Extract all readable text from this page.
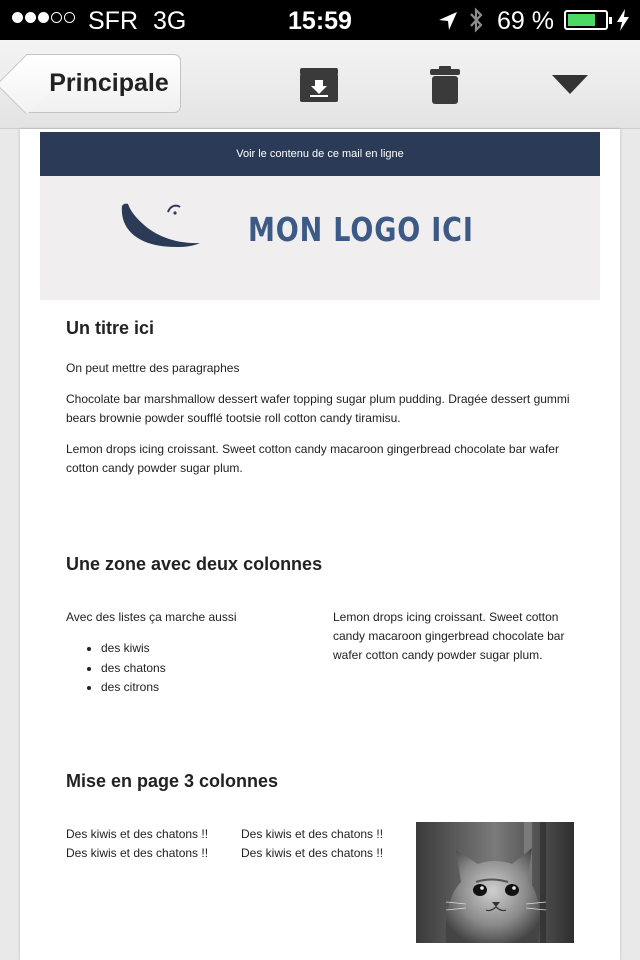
SFR 3G	15:59	69 %
Principale
Voir le contenu de ce mail en ligne
MON LOGO ICI
Un titre ici

On peut mettre des paragraphes

Chocolate bar marshmallow dessert wafer topping sugar plum pudding. Dragée dessert gummi bears brownie powder soufflé tootsie roll cotton candy tiramisu.

Lemon drops icing croissant. Sweet cotton candy macaroon gingerbread chocolate bar wafer cotton candy powder sugar plum.

Une zone avec deux colonnes

Avec des listes ça marche aussi

• des kiwis
• des chatons
• des citrons

Lemon drops icing croissant. Sweet cotton candy macaroon gingerbread chocolate bar wafer cotton candy powder sugar plum.

Mise en page 3 colonnes
Des kiwis et des chatons !!
Des kiwis et des chatons !!
Des kiwis et des chatons !!
Des kiwis et des chatons !!
